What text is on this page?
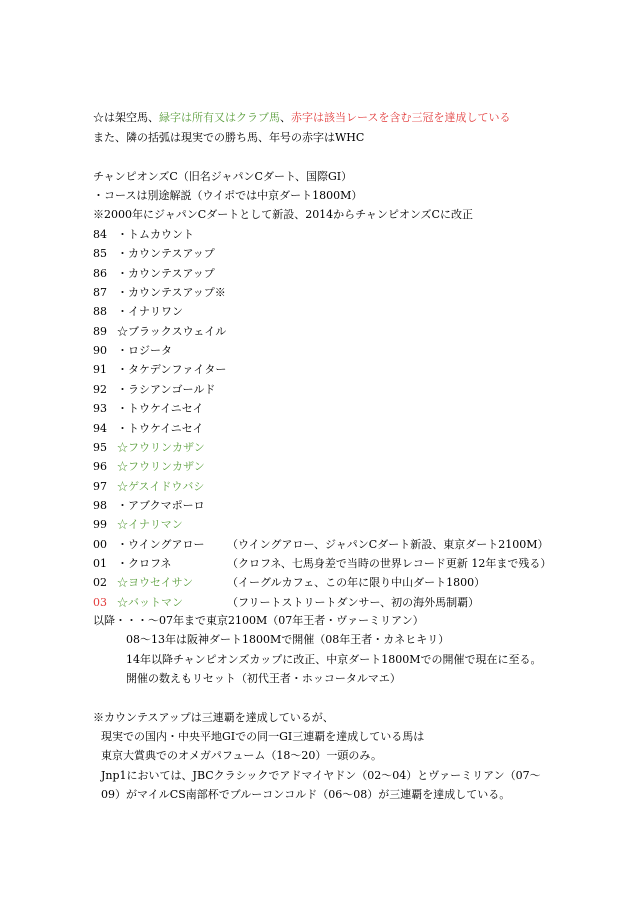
☆は架空馬、緑字は所有又はクラブ馬、赤字は該当レースを含む三冠を達成している
また、隣の括弧は現実での勝ち馬、年号の赤字はWHC
チャンピオンズC（旧名ジャパンCダート、国際GI）
・コースは別途解説（ウイポでは中京ダート1800M）
※2000年にジャパンCダートとして新設、2014からチャンピオンズCに改正
84 ・トムカウント
85 ・カウンテスアップ
86 ・カウンテスアップ
87 ・カウンテスアップ※
88 ・イナリワン
89 ☆ブラックスウェイル
90 ・ロジータ
91 ・タケデンファイター
92 ・ラシアンゴールド
93 ・トウケイニセイ
94 ・トウケイニセイ
95 ☆フウリンカザン
96 ☆フウリンカザン
97 ☆ゲスイドウバシ
98 ・アブクマポーロ
99 ☆イナリマン
00 ・ウイングアロー （ウイングアロー、ジャパンCダート新設、東京ダート2100M）
01 ・クロフネ	（クロフネ、七馬身差で当時の世界レコード更新 12年まで残る）
02 ☆ヨウセイサン	（イーグルカフェ、この年に限り中山ダート1800）
03 ☆バットマン	（フリートストリートダンサー、初の海外馬制覇）
以降・・・～07年まで東京2100M（07年王者・ヴァーミリアン）
08～13年は阪神ダート1800Mで開催（08年王者・カネヒキリ）
14年以降チャンピオンズカップに改正、中京ダート1800Mでの開催で現在に至る。
開催の数えもリセット（初代王者・ホッコータルマエ）
※カウンテスアップは三連覇を達成しているが、
現実での国内・中央平地GIでの同一GI三連覇を達成している馬は
東京大賞典でのオメガパフューム（18～20）一頭のみ。
Jnp1においては、JBCクラシックでアドマイヤドン（02～04）とヴァーミリアン（07～
09）がマイルCS南部杯でブルーコンコルド（06～08）が三連覇を達成している。
